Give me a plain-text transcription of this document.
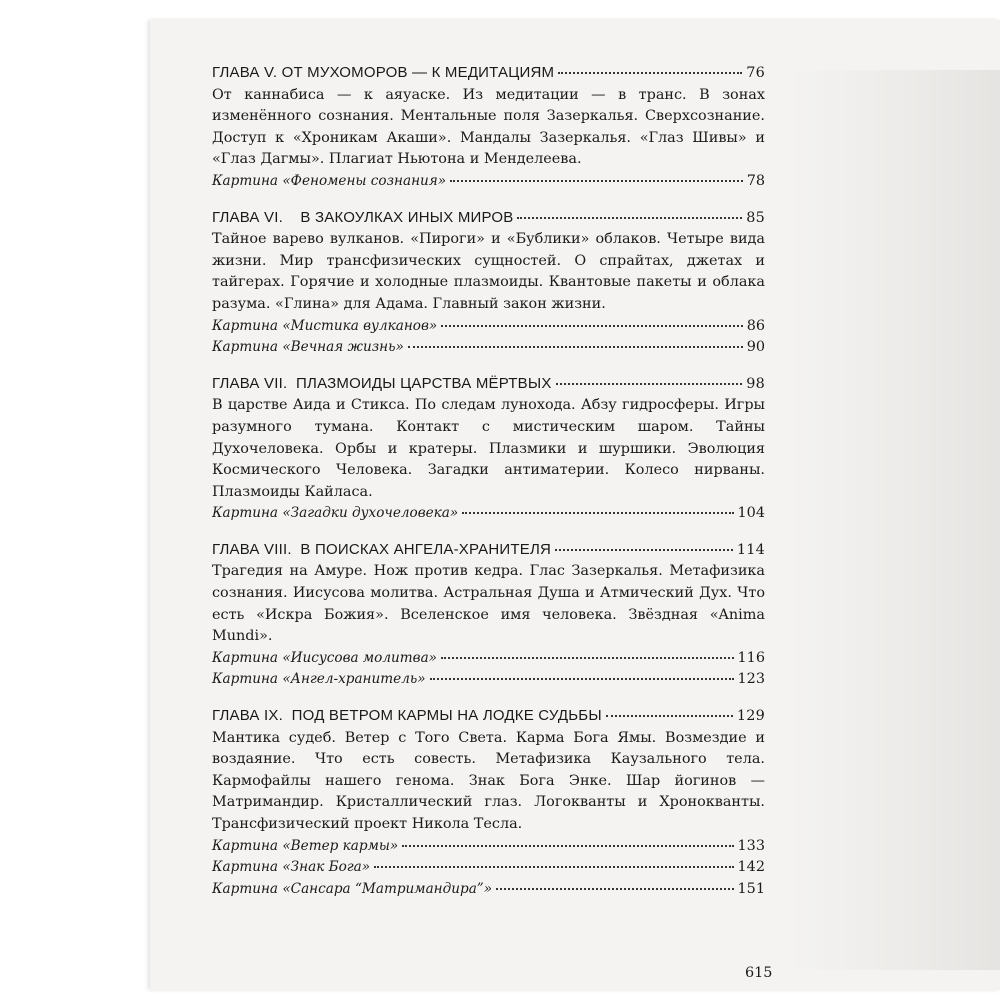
ГЛАВА V. ОТ МУХОМОРОВ — К МЕДИТАЦИЯМ	76
От каннабиса — к аяуаске. Из медитации — в транс. В зонах изменённого сознания. Ментальные поля Зазеркалья. Сверхсознание. Доступ к «Хроникам Акаши». Мандалы Зазеркалья. «Глаз Шивы» и «Глаз Дагмы». Плагиат Ньютона и Менделеева.
Картина «Феномены сознания»	78
ГЛАВА VI.    В ЗАКОУЛКАХ ИНЫХ МИРОВ	85
Тайное варево вулканов. «Пироги» и «Бублики» облаков. Четыре вида жизни. Мир трансфизических сущностей. О спрайтах, джетах и тайгерах. Горячие и холодные плазмоиды. Квантовые пакеты и облака разума. «Глина» для Адама. Главный закон жизни.
Картина «Мистика вулканов»	86
Картина «Вечная жизнь»	90
ГЛАВА VII.  ПЛАЗМОИДЫ ЦАРСТВА МЁРТВЫХ	98
В царстве Аида и Стикса. По следам лунохода. Абзу гидросферы. Игры разумного тумана. Контакт с мистическим шаром. Тайны Духочеловека. Орбы и кратеры. Плазмики и шуршики. Эволюция Космического Человека. Загадки антиматерии. Колесо нирваны. Плазмоиды Кайласа.
Картина «Загадки духочеловека»	104
ГЛАВА VIII.  В ПОИСКАХ АНГЕЛА-ХРАНИТЕЛЯ	114
Трагедия на Амуре. Нож против кедра. Глас Зазеркалья. Метафизика сознания. Иисусова молитва. Астральная Душа и Атмический Дух. Что есть «Искра Божия». Вселенское имя человека. Звёздная «Anima Mundi».
Картина «Иисусова молитва»	116
Картина «Ангел-хранитель»	123
ГЛАВА IX.  ПОД ВЕТРОМ КАРМЫ НА ЛОДКЕ СУДЬБЫ	129
Мантика судеб. Ветер с Того Света. Карма Бога Ямы. Возмездие и воздаяние. Что есть совесть. Метафизика Каузального тела. Кармофайлы нашего генома. Знак Бога Энке. Шар йогинов — Матримандир. Кристаллический глаз. Логокванты и Хронокванты. Трансфизический проект Никола Тесла.
Картина «Ветер кармы»	133
Картина «Знак Бога»	142
Картина «Сансара “Матримандира”»	151
615
